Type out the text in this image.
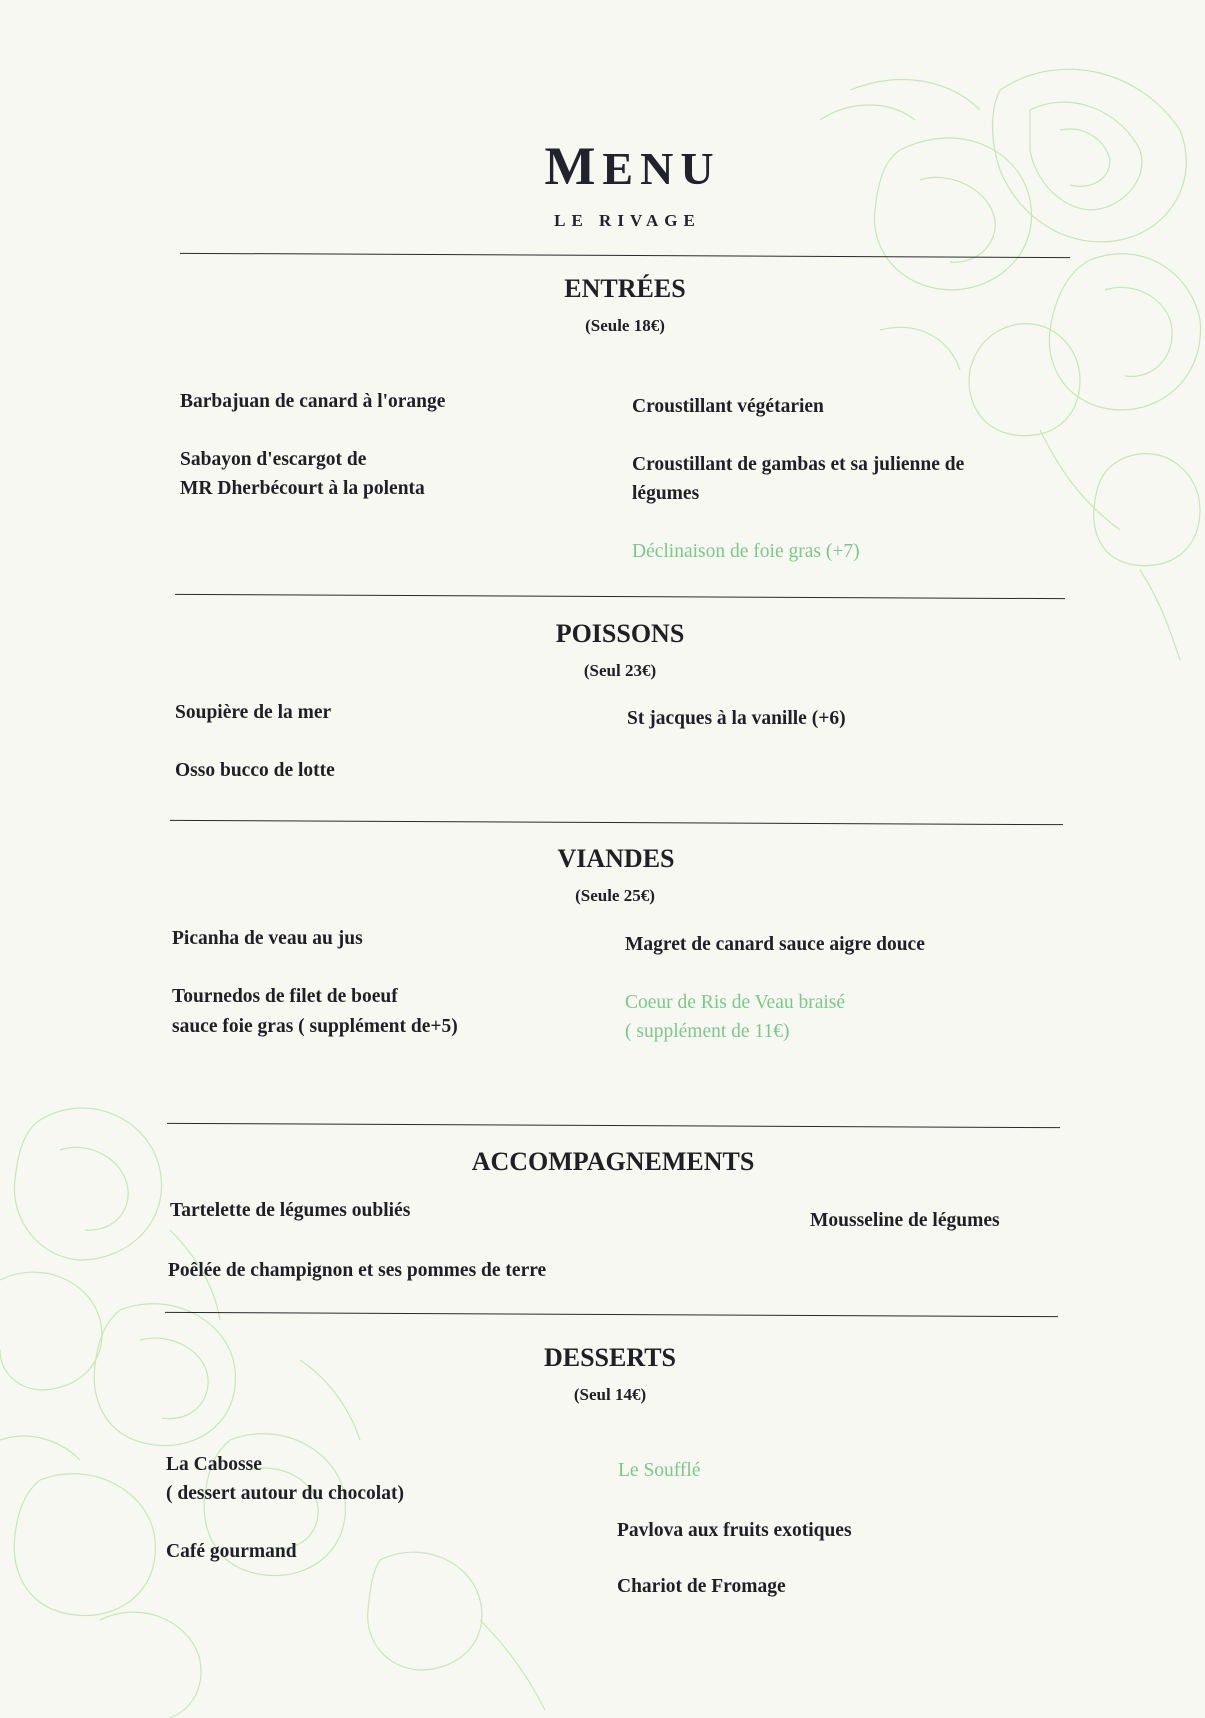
MENU
LE RIVAGE
ENTRÉES
(Seule 18€)
Barbajuan de canard à l'orange
Sabayon d'escargot de
MR Dherbécourt à la polenta
Croustillant végétarien
Croustillant de gambas et sa julienne de
légumes
Déclinaison de foie gras (+7)
POISSONS
(Seul 23€)
Soupière de la mer
Osso bucco de lotte
St jacques à la vanille (+6)
VIANDES
(Seule 25€)
Picanha de veau au jus
Tournedos de filet de boeuf
sauce foie gras ( supplément de+5)
Magret de canard sauce aigre douce
Coeur de Ris de Veau braisé
( supplément de 11€)
ACCOMPAGNEMENTS
Tartelette de légumes oubliés
Poêlée de champignon et ses pommes de terre
Mousseline de légumes
DESSERTS
(Seul 14€)
La Cabosse
( dessert autour du chocolat)
Café gourmand
Le Soufflé
Pavlova aux fruits exotiques
Chariot de Fromage
